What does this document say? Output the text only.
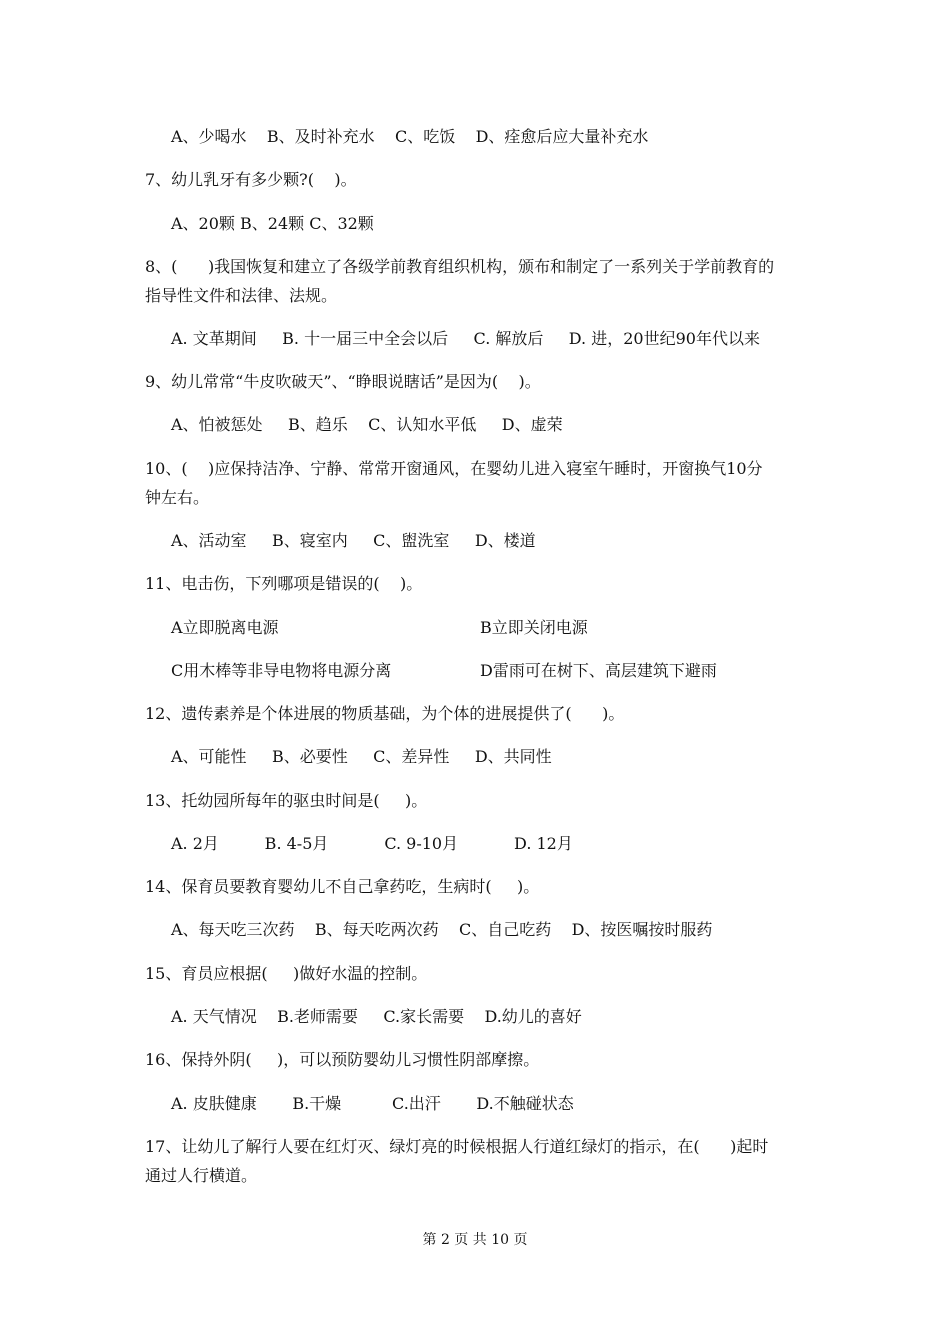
A、少喝水    B、及时补充水    C、吃饭    D、痊愈后应大量补充水
7、幼儿乳牙有多少颗?(    )。
A、20颗 B、24颗 C、32颗
8、(      )我国恢复和建立了各级学前教育组织机构，颁布和制定了一系列关于学前教育的
指导性文件和法律、法规。
A. 文革期间     B. 十一届三中全会以后     C. 解放后     D. 进，20世纪90年代以来
9、幼儿常常“牛皮吹破天”、“睁眼说瞎话”是因为(    )。
A、怕被惩处     B、趋乐    C、认知水平低     D、虚荣
10、(    )应保持洁净、宁静、常常开窗通风，在婴幼儿进入寝室午睡时，开窗换气10分
钟左右。
A、活动室     B、寝室内     C、盥洗室     D、楼道
11、电击伤，下列哪项是错误的(    )。
A立即脱离电源	B立即关闭电源
C用木棒等非导电物将电源分离	D雷雨可在树下、高层建筑下避雨
12、遗传素养是个体进展的物质基础，为个体的进展提供了(      )。
A、可能性     B、必要性     C、差异性     D、共同性
13、托幼园所每年的驱虫时间是(     )。
A. 2月         B. 4-5月           C. 9-10月           D. 12月
14、保育员要教育婴幼儿不自己拿药吃，生病时(     )。
A、每天吃三次药    B、每天吃两次药    C、自己吃药    D、按医嘱按时服药
15、育员应根据(     )做好水温的控制。
A. 天气情况    B.老师需要     C.家长需要    D.幼儿的喜好
16、保持外阴(     )，可以预防婴幼儿习惯性阴部摩擦。
A. 皮肤健康       B.干燥          C.出汗       D.不触碰状态
17、让幼儿了解行人要在红灯灭、绿灯亮的时候根据人行道红绿灯的指示，在(      )起时
通过人行横道。
第 2 页 共 10 页
